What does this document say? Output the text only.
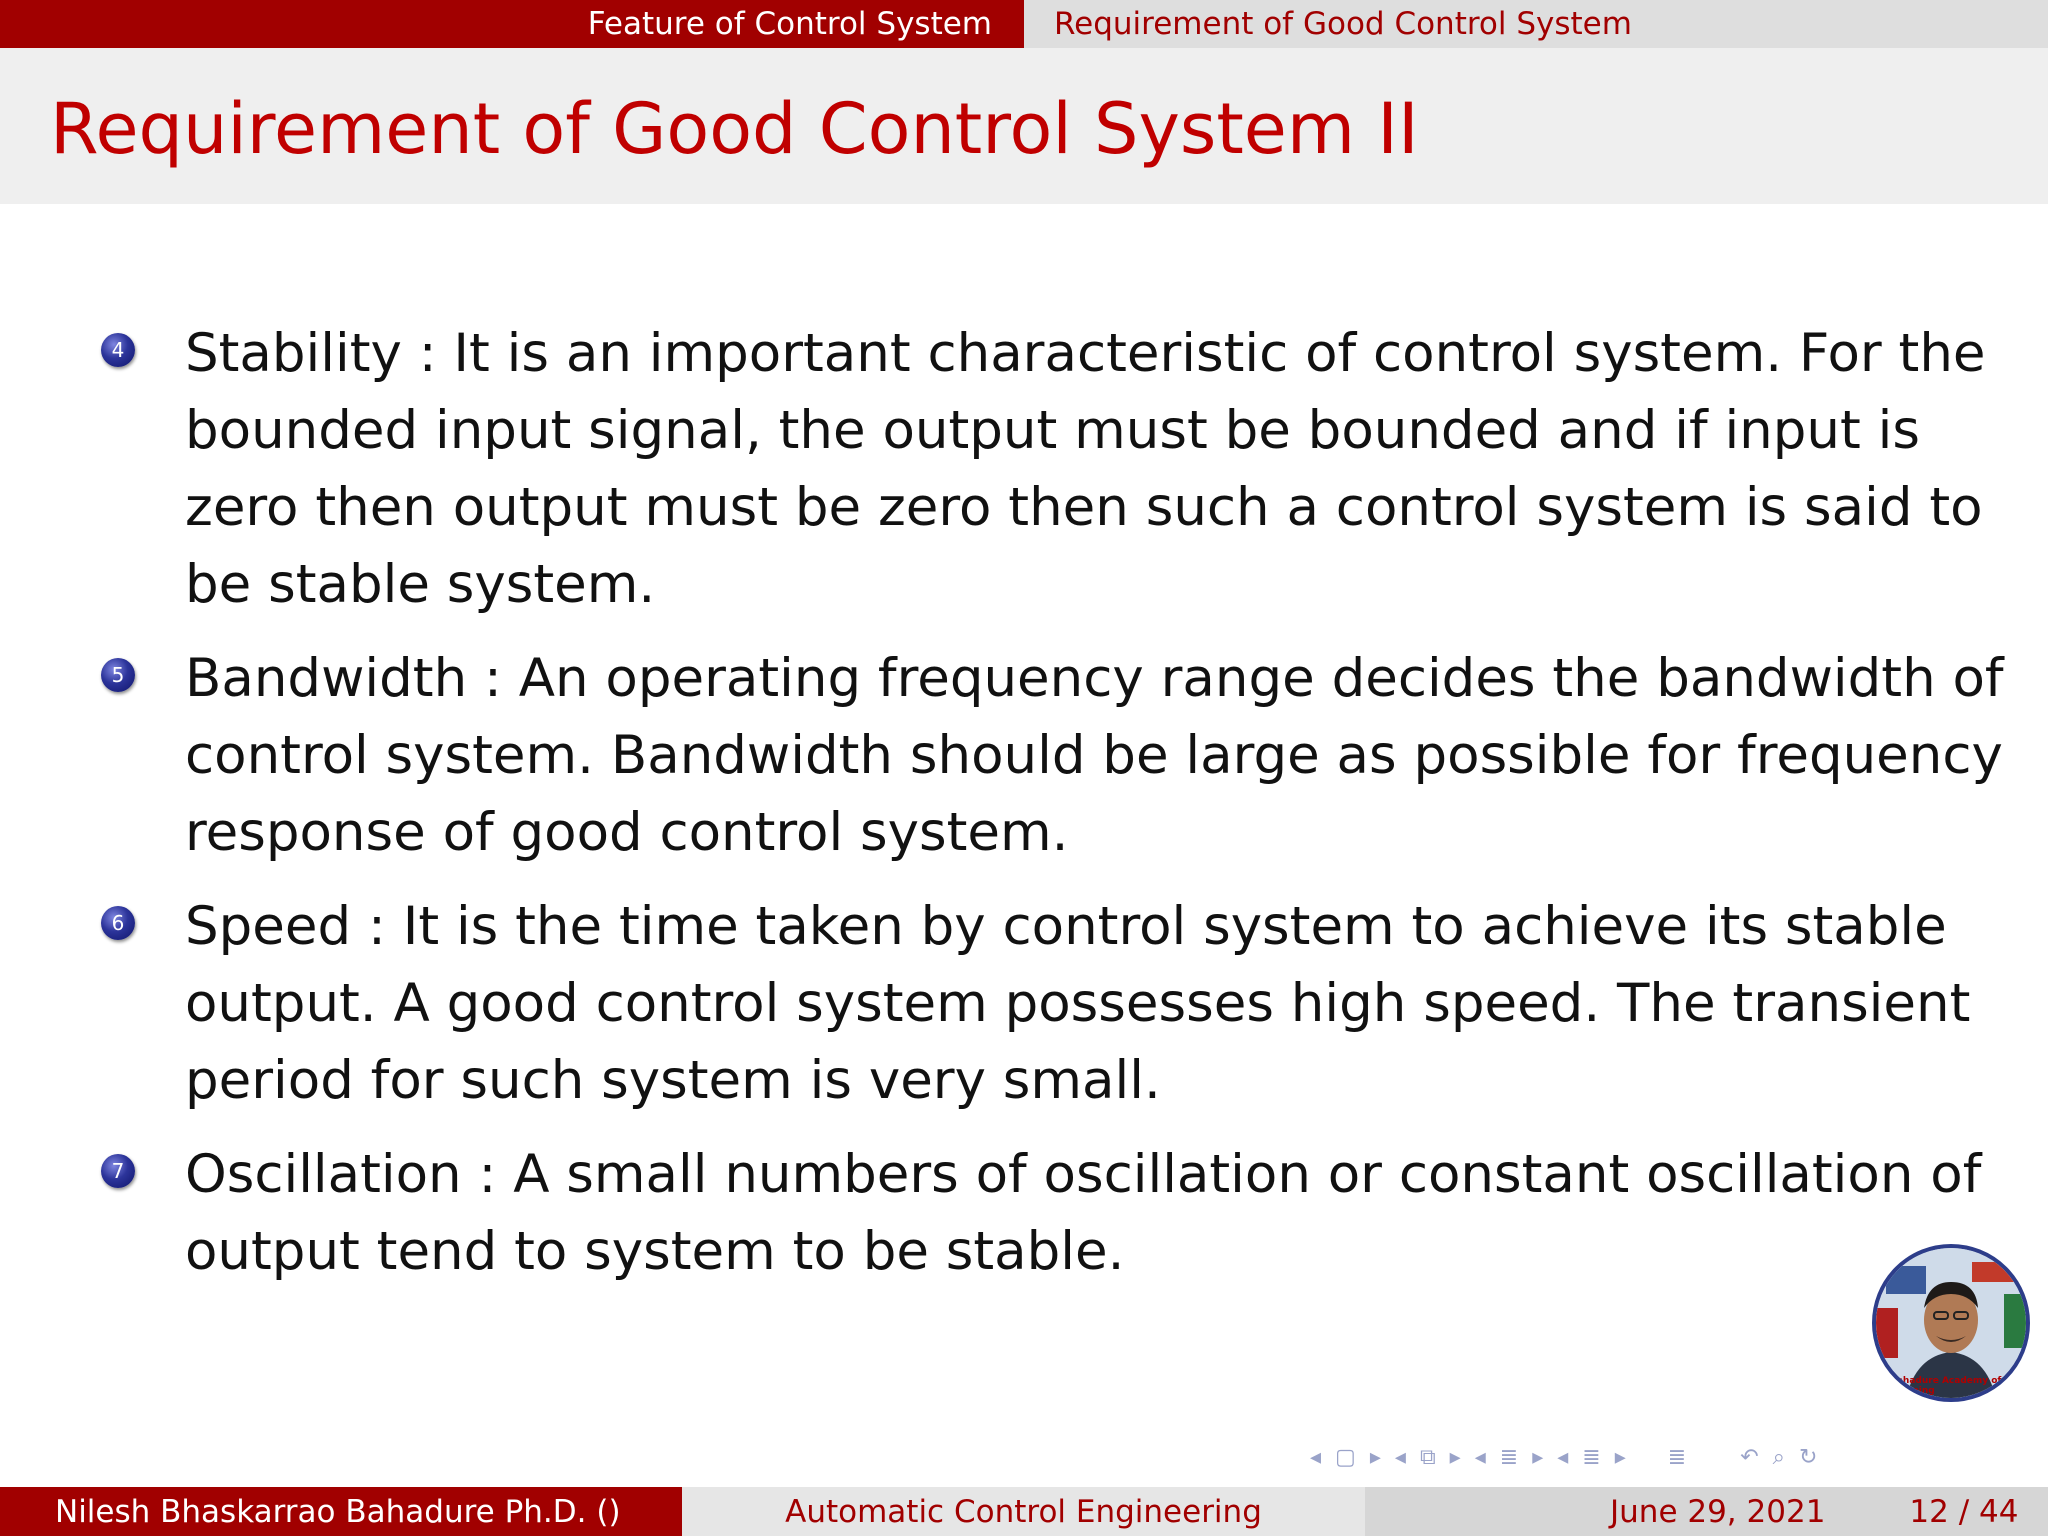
Feature of Control System	Requirement of Good Control System
Requirement of Good Control System II
4 Stability : It is an important characteristic of control system. For the
bounded input signal, the output must be bounded and if input is
zero then output must be zero then such a control system is said to
be stable system.
5 Bandwidth : An operating frequency range decides the bandwidth of
control system. Bandwidth should be large as possible for frequency
response of good control system.
6 Speed : It is the time taken by control system to achieve its stable
output. A good control system possesses high speed. The transient
period for such system is very small.
7 Oscillation : A small numbers of oscillation or constant oscillation of
output tend to system to be stable.
Bahadure Academy of Learning
◂ ▢ ▸ ◂ ⧉ ▸ ◂ ≣ ▸ ◂ ≣ ▸ ≣ ↶ ⌕ ↻
Nilesh Bhaskarrao Bahadure Ph.D. ()	Automatic Control Engineering	June 29, 2021	12 / 44
